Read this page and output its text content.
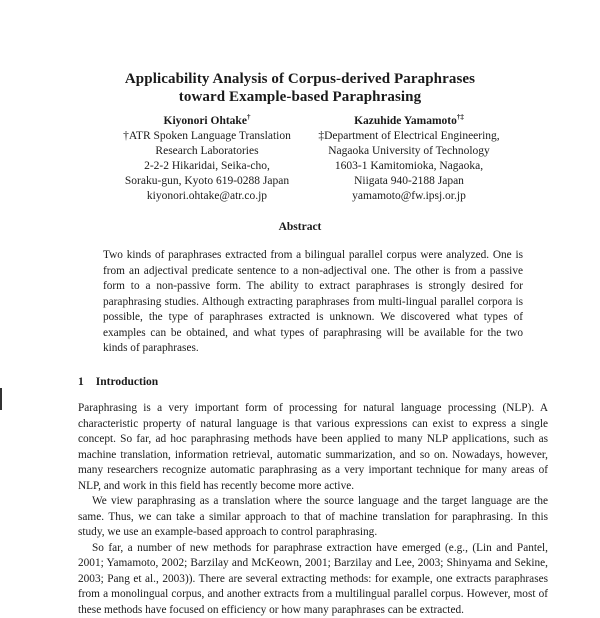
Applicability Analysis of Corpus-derived Paraphrases
toward Example-based Paraphrasing
Kiyonori Ohtake†
†ATR Spoken Language Translation
Research Laboratories
2-2-2 Hikaridai, Seika-cho,
Soraku-gun, Kyoto 619-0288 Japan
kiyonori.ohtake@atr.co.jp
Kazuhide Yamamoto†‡
‡Department of Electrical Engineering,
Nagaoka University of Technology
1603-1 Kamitomioka, Nagaoka,
Niigata 940-2188 Japan
yamamoto@fw.ipsj.or.jp
Abstract
Two kinds of paraphrases extracted from a bilingual parallel corpus were analyzed. One is from an adjectival predicate sentence to a non-adjectival one. The other is from a passive form to a non-passive form. The ability to extract paraphrases is strongly desired for paraphrasing studies. Although extracting paraphrases from multi-lingual parallel corpora is possible, the type of paraphrases extracted is unknown. We discovered what types of examples can be obtained, and what types of paraphrasing will be available for the two kinds of paraphrases.
1 Introduction

Paraphrasing is a very important form of processing for natural language processing (NLP). A characteristic property of natural language is that various expressions can exist to express a single concept. So far, ad hoc paraphrasing methods have been applied to many NLP applications, such as machine translation, information retrieval, automatic summarization, and so on. Nowadays, however, many researchers recognize automatic paraphrasing as a very important technique for many areas of NLP, and work in this field has recently become more active.

We view paraphrasing as a translation where the source language and the target language are the same. Thus, we can take a similar approach to that of machine translation for paraphrasing. In this study, we use an example-based approach to control paraphrasing.

So far, a number of new methods for paraphrase extraction have emerged (e.g., (Lin and Pantel, 2001; Yamamoto, 2002; Barzilay and McKeown, 2001; Barzilay and Lee, 2003; Shinyama and Sekine, 2003; Pang et al., 2003)). There are several extracting methods: for example, one extracts paraphrases from a monolingual corpus, and another extracts from a multilingual parallel corpus. However, most of these methods have focused on efficiency or how many paraphrases can be extracted.
